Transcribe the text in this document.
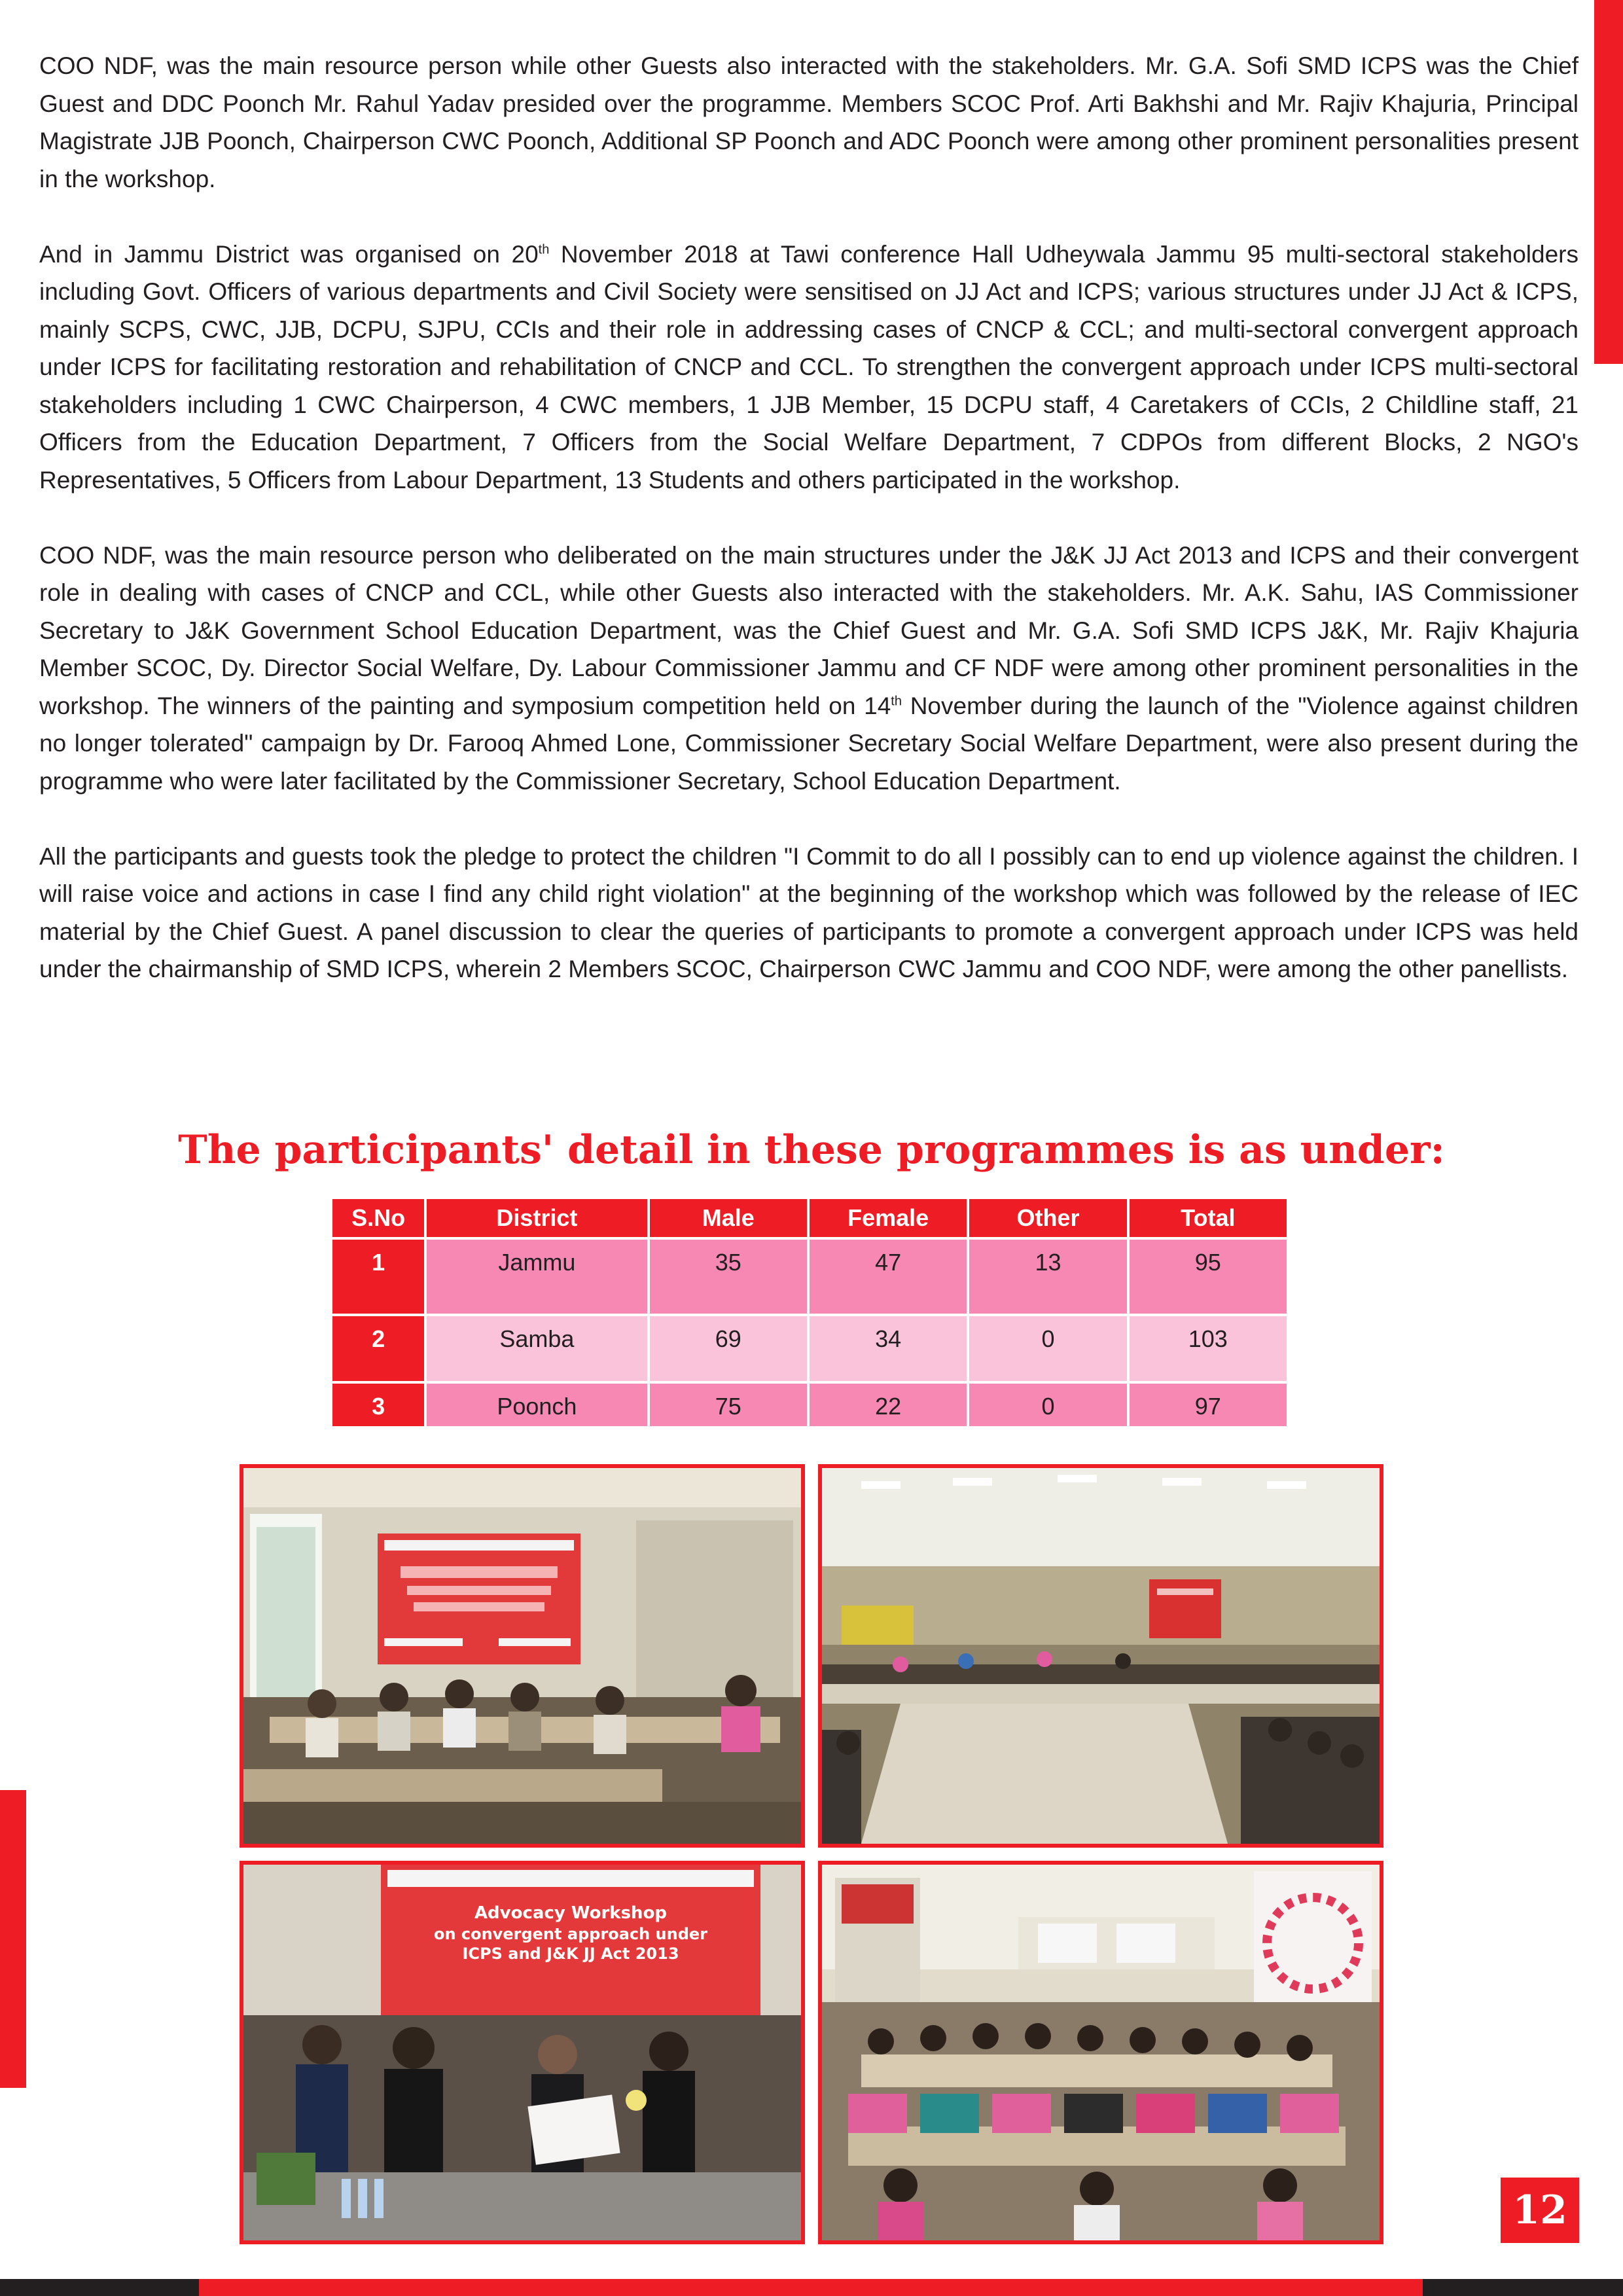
COO NDF, was the main resource person while other Guests also interacted with the stakeholders. Mr. G.A. Sofi SMD ICPS was the Chief Guest and DDC Poonch Mr. Rahul Yadav presided over the programme. Members SCOC Prof. Arti Bakhshi and Mr. Rajiv Khajuria, Principal Magistrate JJB Poonch, Chairperson CWC Poonch, Additional SP Poonch and ADC Poonch were among other prominent personalities present in the workshop.

And in Jammu District was organised on 20th November 2018 at Tawi conference Hall Udheywala Jammu 95 multi-sectoral stakeholders including Govt. Officers of various departments and Civil Society were sensitised on JJ Act and ICPS; various structures under JJ Act & ICPS, mainly SCPS, CWC, JJB, DCPU, SJPU, CCIs and their role in addressing cases of CNCP & CCL; and multi-sectoral convergent approach under ICPS for facilitating restoration and rehabilitation of CNCP and CCL. To strengthen the convergent approach under ICPS multi-sectoral stakeholders including 1 CWC Chairperson, 4 CWC members, 1 JJB Member, 15 DCPU staff, 4 Caretakers of CCIs, 2 Childline staff, 21 Officers from the Education Department, 7 Officers from the Social Welfare Department, 7 CDPOs from different Blocks, 2 NGO's Representatives, 5 Officers from Labour Department, 13 Students and others participated in the workshop.

COO NDF, was the main resource person who deliberated on the main structures under the J&K JJ Act 2013 and ICPS and their convergent role in dealing with cases of CNCP and CCL, while other Guests also interacted with the stakeholders. Mr. A.K. Sahu, IAS Commissioner Secretary to J&K Government School Education Department, was the Chief Guest and Mr. G.A. Sofi SMD ICPS J&K, Mr. Rajiv Khajuria Member SCOC, Dy. Director Social Welfare, Dy. Labour Commissioner Jammu and CF NDF were among other prominent personalities in the workshop. The winners of the painting and symposium competition held on 14th November during the launch of the "Violence against children no longer tolerated" campaign by Dr. Farooq Ahmed Lone, Commissioner Secretary Social Welfare Department, were also present during the programme who were later facilitated by the Commissioner Secretary, School Education Department.

All the participants and guests took the pledge to protect the children "I Commit to do all I possibly can to end up violence against the children. I will raise voice and actions in case I find any child right violation" at the beginning of the workshop which was followed by the release of IEC material by the Chief Guest. A panel discussion to clear the queries of participants to promote a convergent approach under ICPS was held under the chairmanship of SMD ICPS, wherein 2 Members SCOC, Chairperson CWC Jammu and COO NDF, were among the other panellists.

The participants' detail in these programmes is as under:
S.No	District	Male	Female	Other	Total
1	Jammu	35	47	13	95
2	Samba	69	34	0	103
3	Poonch	75	22	0	97
Advocacy Workshop
on convergent approach under
ICPS and J&K JJ Act 2013
12
